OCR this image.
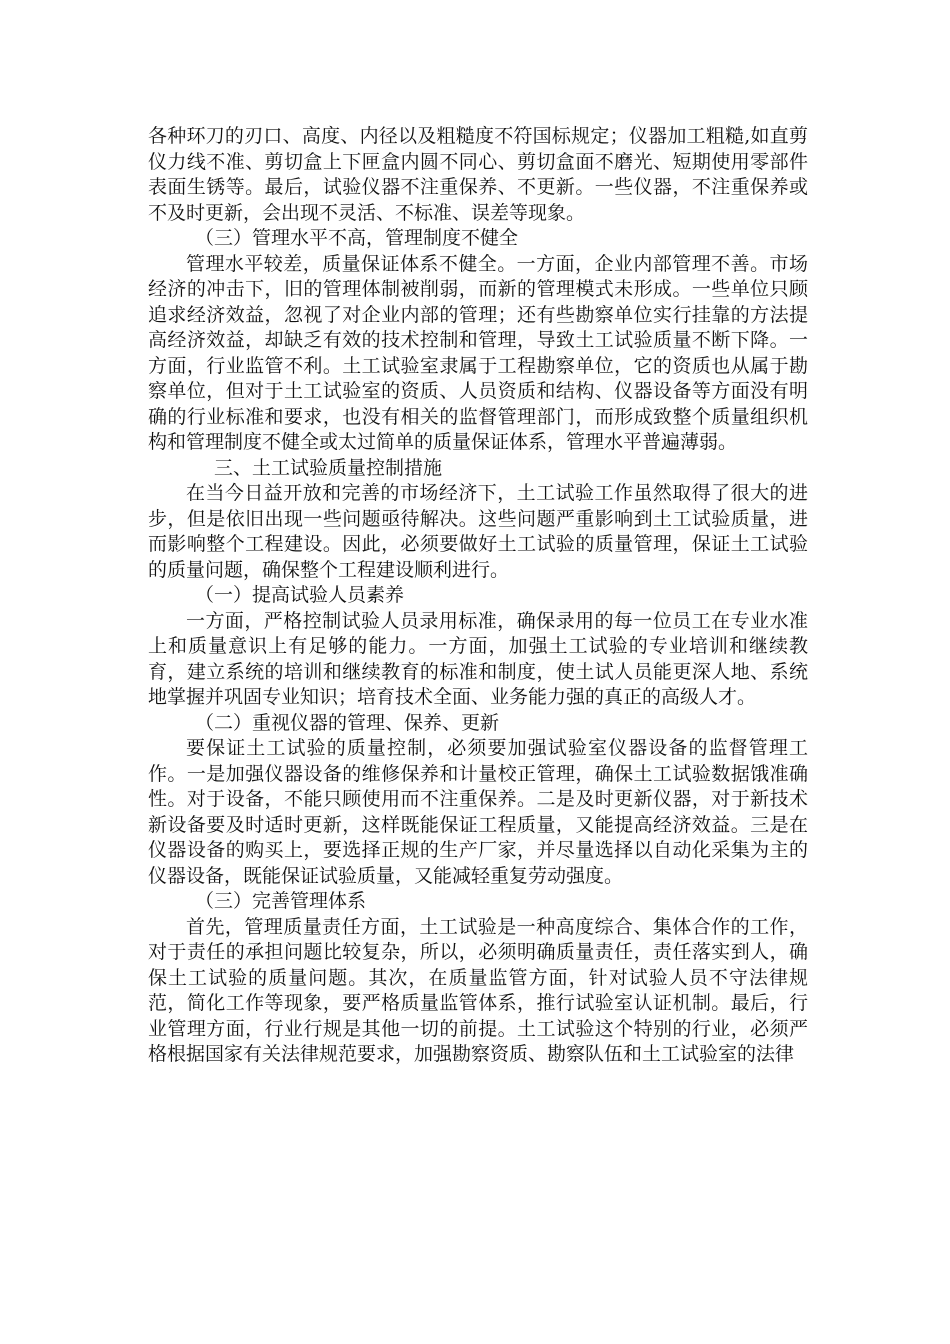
各种环刀的刃口、高度、内径以及粗糙度不符国标规定；仪器加工粗糙,如直剪仪力线不准、剪切盒上下匣盒内圆不同心、剪切盒面不磨光、短期使用零部件表面生锈等。最后，试验仪器不注重保养、不更新。一些仪器，不注重保养或不及时更新，会出现不灵活、不标准、误差等现象。

（三）管理水平不高，管理制度不健全

管理水平较差，质量保证体系不健全。一方面，企业内部管理不善。市场经济的冲击下，旧的管理体制被削弱，而新的管理模式未形成。一些单位只顾追求经济效益，忽视了对企业内部的管理；还有些勘察单位实行挂靠的方法提高经济效益，却缺乏有效的技术控制和管理，导致土工试验质量不断下降。一方面，行业监管不利。土工试验室隶属于工程勘察单位，它的资质也从属于勘察单位，但对于土工试验室的资质、人员资质和结构、仪器设备等方面没有明确的行业标准和要求，也没有相关的监督管理部门，而形成致整个质量组织机构和管理制度不健全或太过简单的质量保证体系，管理水平普遍薄弱。

三、土工试验质量控制措施

在当今日益开放和完善的市场经济下，土工试验工作虽然取得了很大的进步，但是依旧出现一些问题亟待解决。这些问题严重影响到土工试验质量，进而影响整个工程建设。因此，必须要做好土工试验的质量管理，保证土工试验的质量问题，确保整个工程建设顺利进行。

（一）提高试验人员素养

一方面，严格控制试验人员录用标准，确保录用的每一位员工在专业水准上和质量意识上有足够的能力。一方面，加强土工试验的专业培训和继续教育，建立系统的培训和继续教育的标准和制度，使土试人员能更深人地、系统地掌握并巩固专业知识；培育技术全面、业务能力强的真正的高级人才。

（二）重视仪器的管理、保养、更新

要保证土工试验的质量控制，必须要加强试验室仪器设备的监督管理工作。一是加强仪器设备的维修保养和计量校正管理，确保土工试验数据饿准确性。对于设备，不能只顾使用而不注重保养。二是及时更新仪器，对于新技术新设备要及时适时更新，这样既能保证工程质量，又能提高经济效益。三是在仪器设备的购买上，要选择正规的生产厂家，并尽量选择以自动化采集为主的仪器设备，既能保证试验质量，又能减轻重复劳动强度。

（三）完善管理体系

首先，管理质量责任方面，土工试验是一种高度综合、集体合作的工作，对于责任的承担问题比较复杂，所以，必须明确质量责任，责任落实到人，确保土工试验的质量问题。其次，在质量监管方面，针对试验人员不守法律规范，简化工作等现象，要严格质量监管体系，推行试验室认证机制。最后，行业管理方面，行业行规是其他一切的前提。土工试验这个特别的行业，必须严格根据国家有关法律规范要求，加强勘察资质、勘察队伍和土工试验室的法律
